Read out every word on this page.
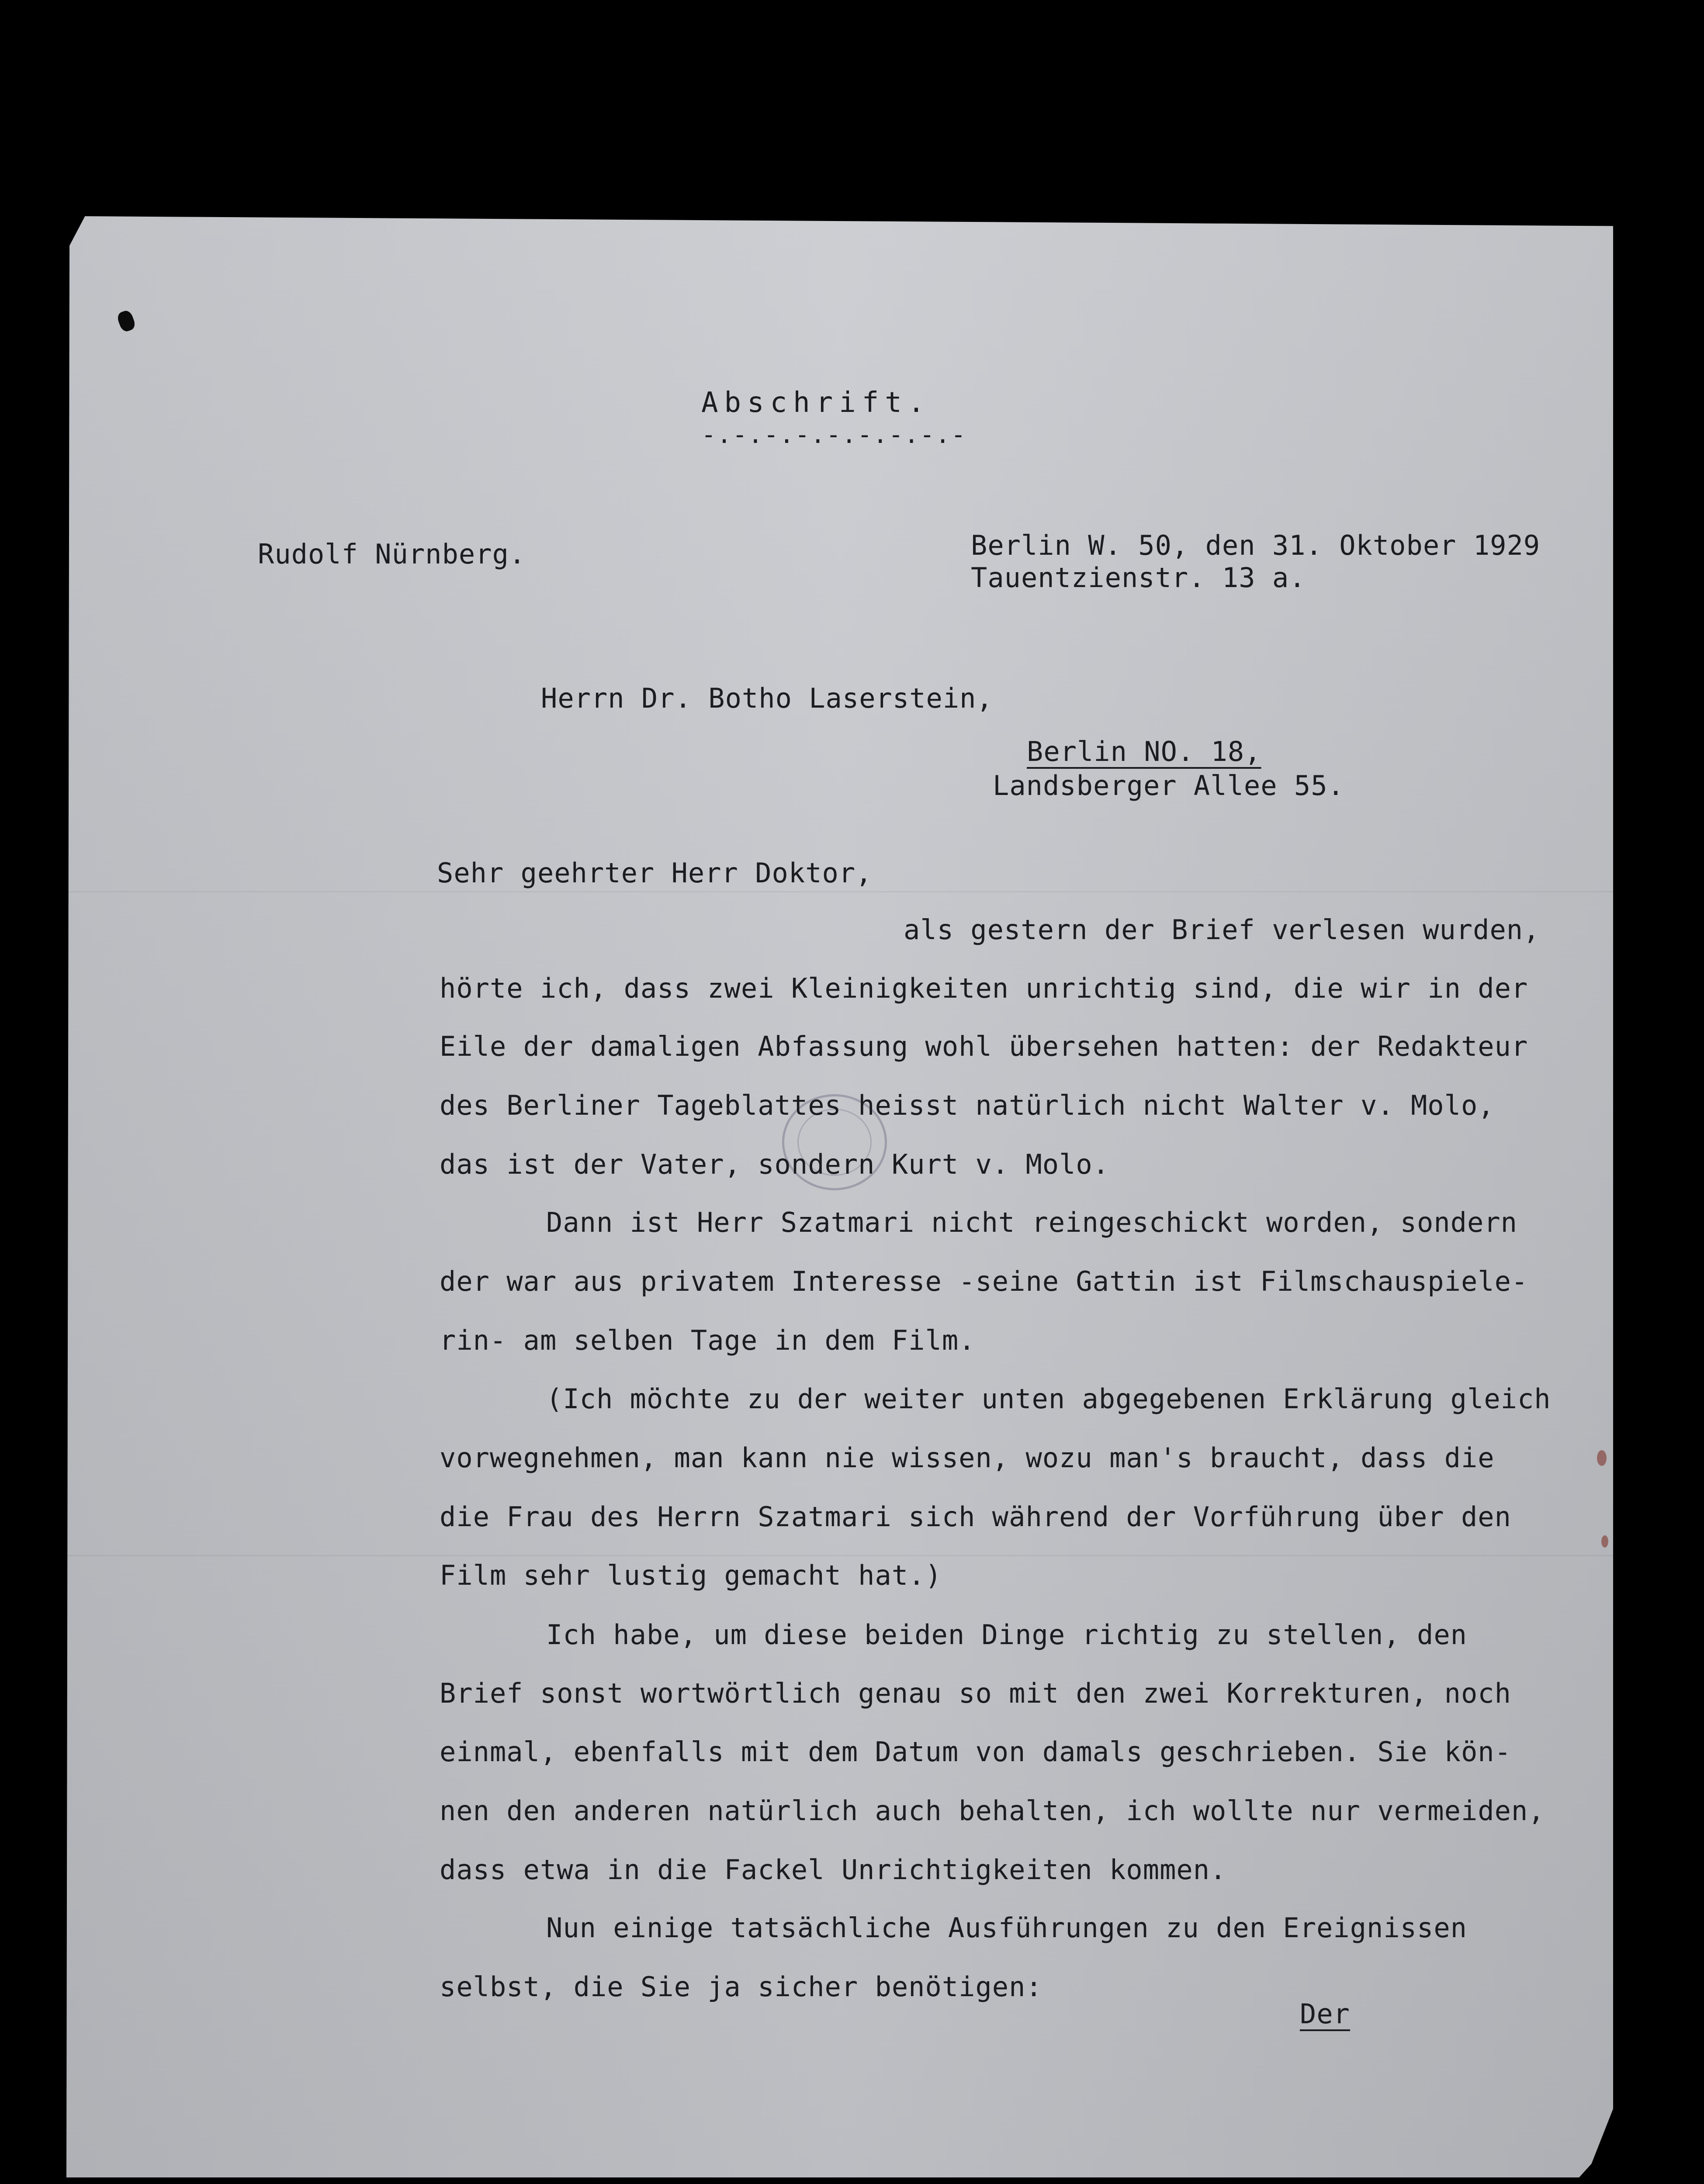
Abschrift.
-.-.-.-.-.-.-.-.-
Rudolf Nürnberg.	Berlin W. 50, den 31. Oktober 1929
Tauentzienstr. 13 a.
Herrn Dr. Botho Laserstein,
Berlin NO. 18,
Landsberger Allee 55.
Sehr geehrter Herr Doktor,
als gestern der Brief verlesen wurden,
hörte ich, dass zwei Kleinigkeiten unrichtig sind, die wir in der
Eile der damaligen Abfassung wohl übersehen hatten: der Redakteur
des Berliner Tageblattes heisst natürlich nicht Walter v. Molo,
das ist der Vater, sondern Kurt v. Molo.
Dann ist Herr Szatmari nicht reingeschickt worden, sondern
der war aus privatem Interesse -seine Gattin ist Filmschauspiele-
rin- am selben Tage in dem Film.
(Ich möchte zu der weiter unten abgegebenen Erklärung gleich
vorwegnehmen, man kann nie wissen, wozu man's braucht, dass die
die Frau des Herrn Szatmari sich während der Vorführung über den
Film sehr lustig gemacht hat.)
Ich habe, um diese beiden Dinge richtig zu stellen, den
Brief sonst wortwörtlich genau so mit den zwei Korrekturen, noch
einmal, ebenfalls mit dem Datum von damals geschrieben. Sie kön-
nen den anderen natürlich auch behalten, ich wollte nur vermeiden,
dass etwa in die Fackel Unrichtigkeiten kommen.
Nun einige tatsächliche Ausführungen zu den Ereignissen
selbst, die Sie ja sicher benötigen:
Der
